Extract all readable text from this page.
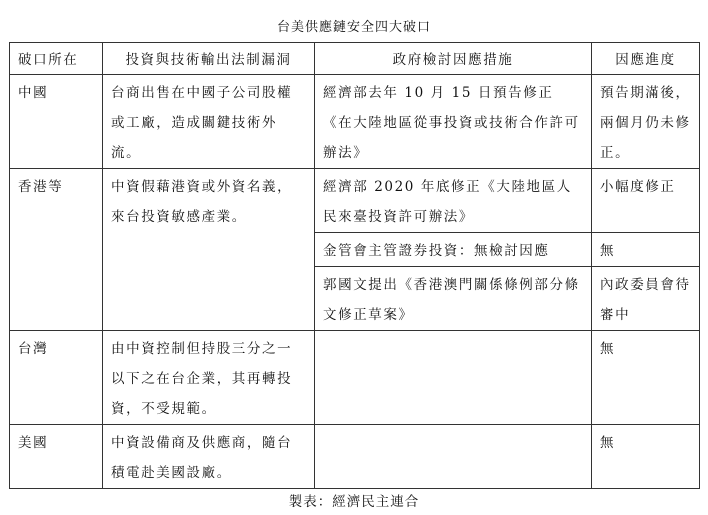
台美供應鏈安全四大破口
破口所在	投資與技術輸出法制漏洞	政府檢討因應措施	因應進度
中國	台商出售在中國子公司股權或工廠，造成關鍵技術外流。	經濟部去年 10 月 15 日預告修正《在大陸地區從事投資或技術合作許可辦法》	預告期滿後，兩個月仍未修正。
香港等	中資假藉港資或外資名義，來台投資敏感產業。	經濟部 2020 年底修正《大陸地區人民來臺投資許可辦法》	小幅度修正
		金管會主管證券投資：無檢討因應	無
		郭國文提出《香港澳門關係條例部分條文修正草案》	內政委員會待審中
台灣	由中資控制但持股三分之一以下之在台企業，其再轉投資，不受規範。		無
美國	中資設備商及供應商，隨台積電赴美國設廠。		無
製表：經濟民主連合
